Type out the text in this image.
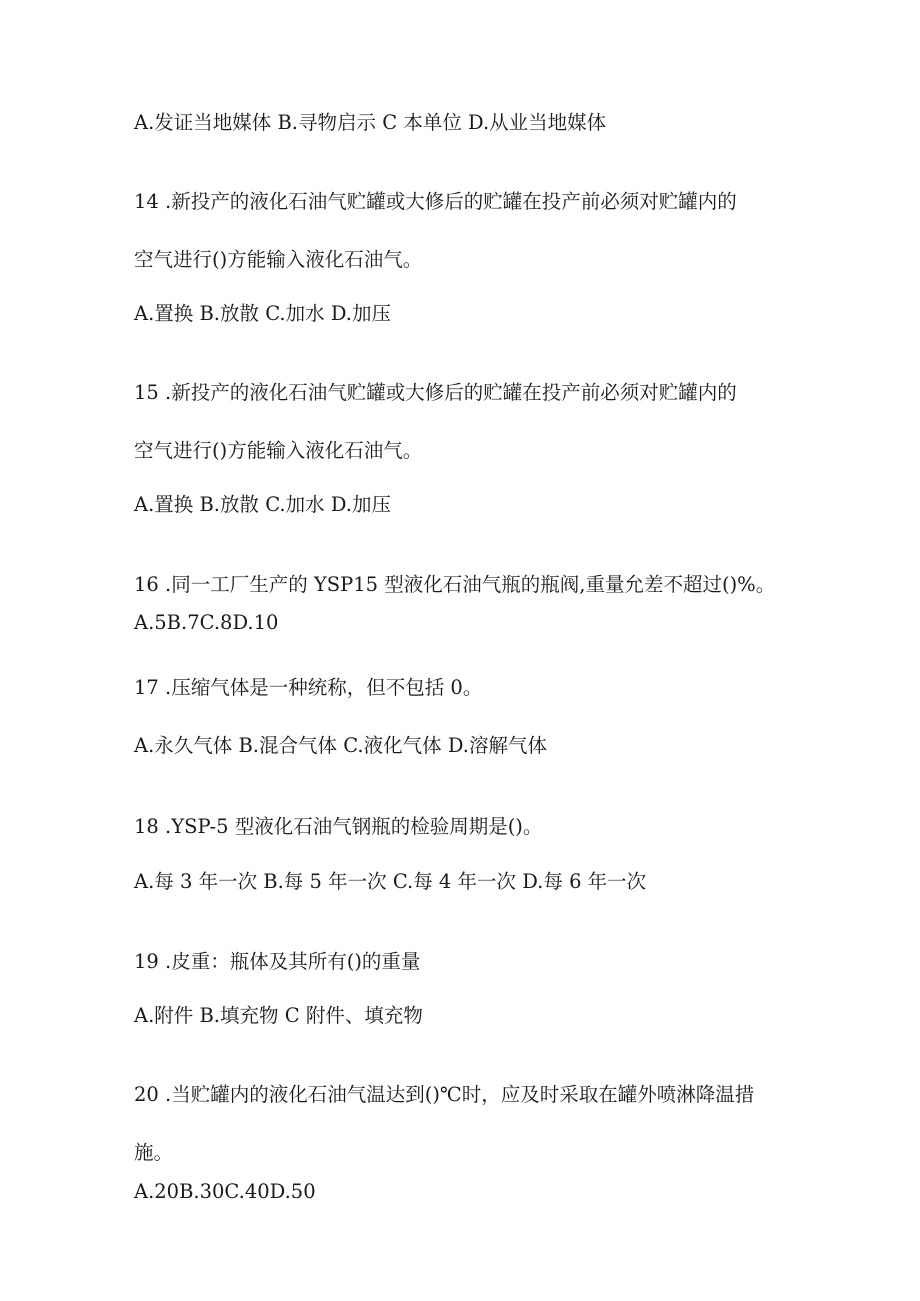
A.发证当地媒体 B.寻物启示 C 本单位 D.从业当地媒体
14 .新投产的液化石油气贮罐或大修后的贮罐在投产前必须对贮罐内的
空气进行()方能输入液化石油气。
A.置换 B.放散 C.加水 D.加压
15 .新投产的液化石油气贮罐或大修后的贮罐在投产前必须对贮罐内的
空气进行()方能输入液化石油气。
A.置换 B.放散 C.加水 D.加压
16 .同一工厂生产的 YSP15 型液化石油气瓶的瓶阀,重量允差不超过()%。
A.5B.7C.8D.10
17 .压缩气体是一种统称，但不包括 0。
A.永久气体 B.混合气体 C.液化气体 D.溶解气体
18 .YSP-5 型液化石油气钢瓶的检验周期是()。
A.每 3 年一次 B.每 5 年一次 C.每 4 年一次 D.每 6 年一次
19 .皮重：瓶体及其所有()的重量
A.附件 B.填充物 C 附件、填充物
20 .当贮罐内的液化石油气温达到()℃时，应及时采取在罐外喷淋降温措
施。
A.20B.30C.40D.50
